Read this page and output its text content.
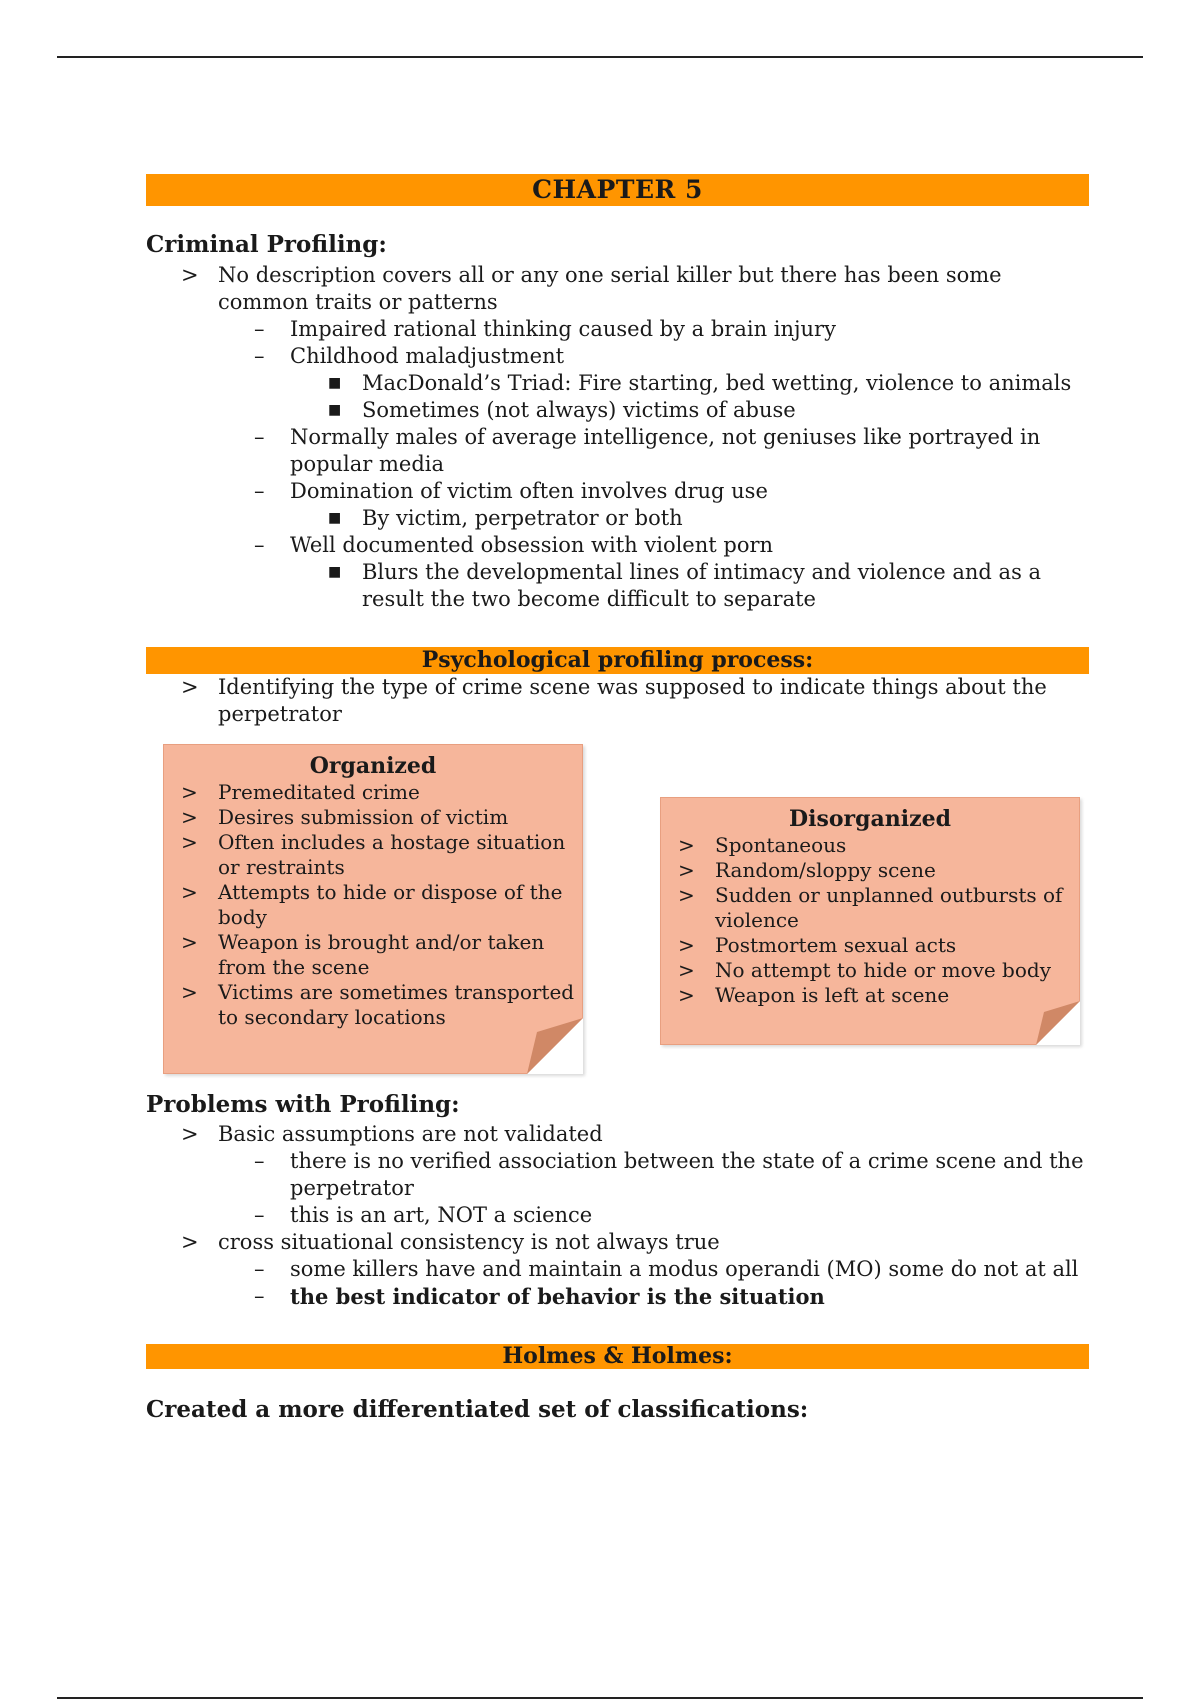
CHAPTER 5
Criminal Profiling:
> No description covers all or any one serial killer but there has been some common traits or patterns
– Impaired rational thinking caused by a brain injury
– Childhood maladjustment
■ MacDonald’s Triad: Fire starting, bed wetting, violence to animals
■ Sometimes (not always) victims of abuse
– Normally males of average intelligence, not geniuses like portrayed in popular media
– Domination of victim often involves drug use
■ By victim, perpetrator or both
– Well documented obsession with violent porn
■ Blurs the developmental lines of intimacy and violence and as a result the two become difficult to separate
Psychological profiling process:
> Identifying the type of crime scene was supposed to indicate things about the perpetrator
Organized
> Premeditated crime
> Desires submission of victim
> Often includes a hostage situation or restraints
> Attempts to hide or dispose of the body
> Weapon is brought and/or taken from the scene
> Victims are sometimes transported to secondary locations
Disorganized
> Spontaneous
> Random/sloppy scene
> Sudden or unplanned outbursts of violence
> Postmortem sexual acts
> No attempt to hide or move body
> Weapon is left at scene
Problems with Profiling:
> Basic assumptions are not validated
– there is no verified association between the state of a crime scene and the perpetrator
– this is an art, NOT a science
> cross situational consistency is not always true
– some killers have and maintain a modus operandi (MO) some do not at all
– the best indicator of behavior is the situation
Holmes & Holmes:
Created a more differentiated set of classifications:
